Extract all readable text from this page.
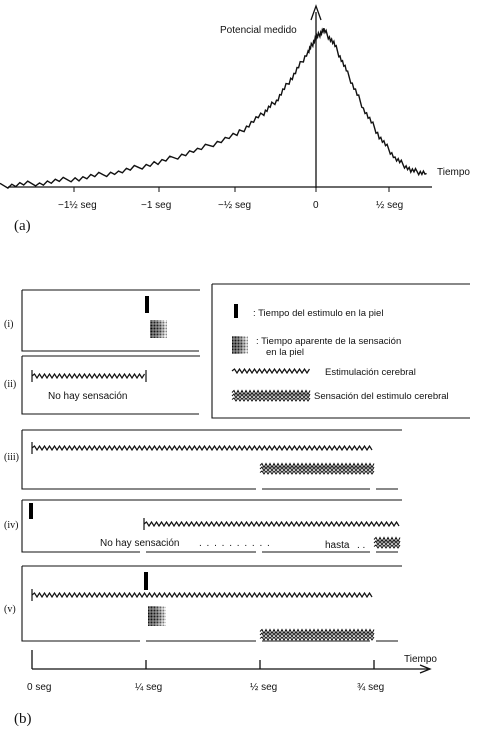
Potencial medido
Tiempo
−1½ seg	−1 seg	−½ seg	0	½ seg
(a)
(i)
(ii)
No hay sensación
: Tiempo del estimulo en la piel
: Tiempo aparente de la sensación
en la piel
Estimulación cerebral
Sensación del estimulo cerebral
(iii)
(iv)
No hay sensación . . . . . . . . . .	hasta . .
(v)
Tiempo
0 seg	¼ seg	½ seg	¾ seg
(b)
